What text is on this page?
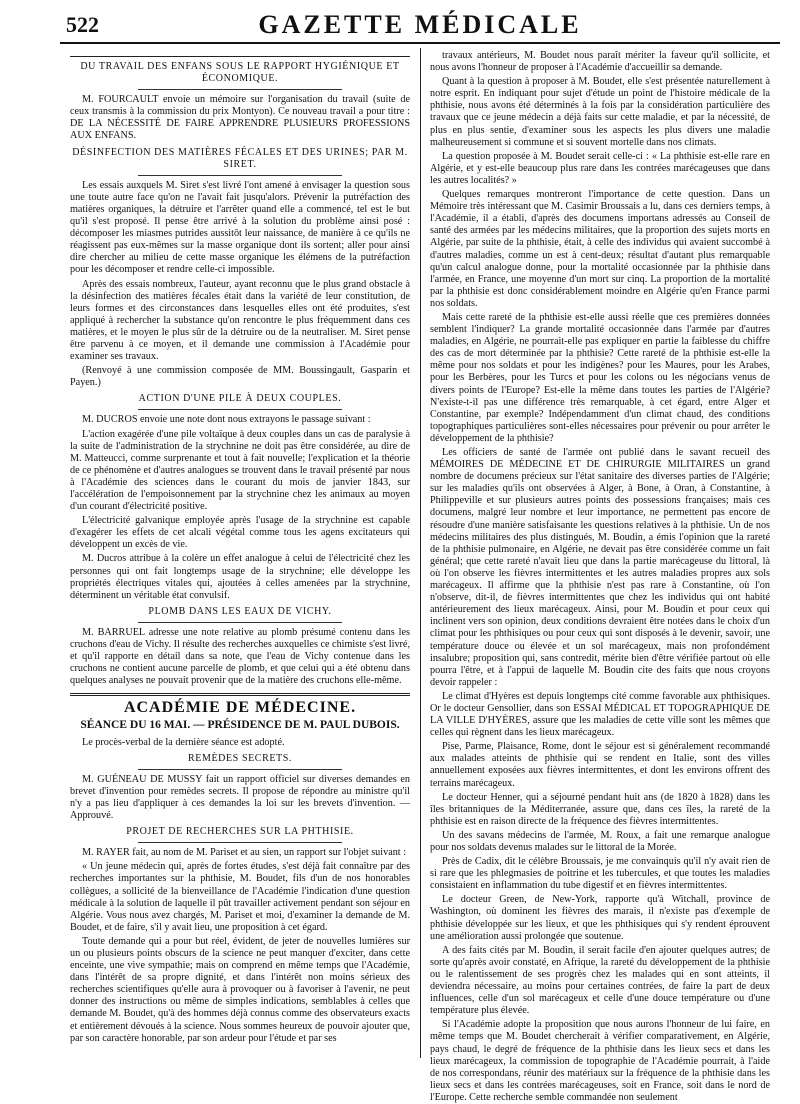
522	GAZETTE MÉDICALE
DU TRAVAIL DES ENFANS SOUS LE RAPPORT HYGIÉNIQUE ET ÉCONOMIQUE.

M. FOURCAULT envoie un mémoire sur l'organisation du travail (suite de ceux transmis à la commission du prix Montyon). Ce nouveau travail a pour titre : DE LA NÉCESSITÉ DE FAIRE APPRENDRE PLUSIEURS PROFESSIONS AUX ENFANS.

DÉSINFECTION DES MATIÈRES FÉCALES ET DES URINES; PAR M. SIRET.

Les essais auxquels M. Siret s'est livré l'ont amené à envisager la question sous une toute autre face qu'on ne l'avait fait jusqu'alors. Prévenir la putréfaction des matières organiques, la détruire et l'arrêter quand elle a commencé, tel est le but qu'il s'est proposé. Il pense être arrivé à la solution du problème ainsi posé : décomposer les miasmes putrides aussitôt leur naissance, de manière à ce qu'ils ne réagissent pas eux-mêmes sur la masse organique dont ils sortent; aller pour ainsi dire chercher au milieu de cette masse organique les élémens de la putréfaction pour les décomposer et rendre celle-ci impossible.

Après des essais nombreux, l'auteur, ayant reconnu que le plus grand obstacle à la désinfection des matières fécales était dans la variété de leur constitution, de leurs formes et des circonstances dans lesquelles elles ont été produites, s'est appliqué à rechercher la substance qu'on rencontre le plus fréquemment dans ces matières, et le moyen le plus sûr de la détruire ou de la neutraliser. M. Siret pense être parvenu à ce moyen, et il demande une commission à l'Académie pour examiner ses travaux.

(Renvoyé à une commission composée de MM. Boussingault, Gasparin et Payen.)

ACTION D'UNE PILE À DEUX COUPLES.

M. DUCROS envoie une note dont nous extrayons le passage suivant :

L'action exagérée d'une pile voltaïque à deux couples dans un cas de paralysie à la suite de l'administration de la strychnine ne doit pas être considérée, au dire de M. Matteucci, comme surprenante et tout à fait nouvelle; l'explication et la théorie de ce phénomène et d'autres analogues se trouvent dans le travail présenté par nous à l'Académie des sciences dans le courant du mois de janvier 1843, sur l'accélération de l'empoisonnement par la strychnine chez les animaux au moyen d'un courant d'électricité positive.

L'électricité galvanique employée après l'usage de la strychnine est capable d'exagérer les effets de cet alcali végétal comme tous les agens excitateurs qui développent un excès de vie.

M. Ducros attribue à la colère un effet analogue à celui de l'électricité chez les personnes qui ont fait longtemps usage de la strychnine; elle développe les propriétés électriques vitales qui, ajoutées à celles amenées par la strychnine, déterminent un véritable état convulsif.

PLOMB DANS LES EAUX DE VICHY.

M. BARRUEL adresse une note relative au plomb présumé contenu dans les cruchons d'eau de Vichy. Il résulte des recherches auxquelles ce chimiste s'est livré, et qu'il rapporte en détail dans sa note, que l'eau de Vichy contenue dans les cruchons ne contient aucune parcelle de plomb, et que celui qui a été obtenu dans quelques analyses ne pouvait provenir que de la matière des cruchons elle-même.

ACADÉMIE DE MÉDECINE.
SÉANCE DU 16 MAI. — PRÉSIDENCE DE M. PAUL DUBOIS.

Le procès-verbal de la dernière séance est adopté.

REMÈDES SECRETS.

M. GUÉNEAU DE MUSSY fait un rapport officiel sur diverses demandes en brevet d'invention pour remèdes secrets. Il propose de répondre au ministre qu'il n'y a pas lieu d'appliquer à ces demandes la loi sur les brevets d'invention. — Approuvé.

PROJET DE RECHERCHES SUR LA PHTHISIE.

M. RAYER fait, au nom de M. Pariset et au sien, un rapport sur l'objet suivant :

« Un jeune médecin qui, après de fortes études, s'est déjà fait connaître par des recherches importantes sur la phthisie, M. Boudet, fils d'un de nos honorables collègues, a sollicité de la bienveillance de l'Académie l'indication d'une question médicale à la solution de laquelle il pût travailler activement pendant son séjour en Algérie. Vous nous avez chargés, M. Pariset et moi, d'examiner la demande de M. Boudet, et de faire, s'il y avait lieu, une proposition à cet égard.

Toute demande qui a pour but réel, évident, de jeter de nouvelles lumières sur un ou plusieurs points obscurs de la science ne peut manquer d'exciter, dans cette enceinte, une vive sympathie; mais on comprend en même temps que l'Académie, dans l'intérêt de sa propre dignité, et dans l'intérêt non moins sérieux des recherches scientifiques qu'elle aura à provoquer ou à favoriser à l'avenir, ne peut donner des instructions ou même de simples indications, semblables à celles que demande M. Boudet, qu'à des hommes déjà connus comme des observateurs exacts et entièrement dévoués à la science. Nous sommes heureux de pouvoir ajouter que, par son caractère honorable, par son ardeur pour l'étude et par ses

travaux antérieurs, M. Boudet nous paraît mériter la faveur qu'il sollicite, et nous avons l'honneur de proposer à l'Académie d'accueillir sa demande.

Quant à la question à proposer à M. Boudet, elle s'est présentée naturellement à notre esprit. En indiquant pour sujet d'étude un point de l'histoire médicale de la phthisie, nous avons été déterminés à la fois par la considération particulière des travaux que ce jeune médecin a déjà faits sur cette maladie, et par la nécessité, de plus en plus sentie, d'examiner sous les aspects les plus divers une maladie malheureusement si commune et si souvent mortelle dans nos climats.

La question proposée à M. Boudet serait celle-ci : « La phthisie est-elle rare en Algérie, et y est-elle beaucoup plus rare dans les contrées marécageuses que dans les autres localités? »

Quelques remarques montreront l'importance de cette question. Dans un Mémoire très intéressant que M. Casimir Broussais a lu, dans ces derniers temps, à l'Académie, il a établi, d'après des documens importans adressés au Conseil de santé des armées par les médecins militaires, que la proportion des sujets morts en Algérie, par suite de la phthisie, était, à celle des individus qui avaient succombé à d'autres maladies, comme un est à cent-deux; résultat d'autant plus remarquable qu'un calcul analogue donne, pour la mortalité occasionnée par la phthisie dans l'armée, en France, une moyenne d'un mort sur cinq. La proportion de la mortalité par la phthisie est donc considérablement moindre en Algérie qu'en France parmi nos soldats.

Mais cette rareté de la phthisie est-elle aussi réelle que ces premières données semblent l'indiquer? La grande mortalité occasionnée dans l'armée par d'autres maladies, en Algérie, ne pourrait-elle pas expliquer en partie la faiblesse du chiffre des cas de mort déterminée par la phthisie? Cette rareté de la phthisie est-elle la même pour nos soldats et pour les indigènes? pour les Maures, pour les Arabes, pour les Berbères, pour les Turcs et pour les colons ou les négocians venus de divers points de l'Europe? Est-elle la même dans toutes les parties de l'Algérie? N'existe-t-il pas une différence très remarquable, à cet égard, entre Alger et Constantine, par exemple? Indépendamment d'un climat chaud, des conditions topographiques particulières sont-elles nécessaires pour prévenir ou pour arrêter le développement de la phthisie?

Les officiers de santé de l'armée ont publié dans le savant recueil des MÉMOIRES DE MÉDECINE ET DE CHIRURGIE MILITAIRES un grand nombre de documens précieux sur l'état sanitaire des diverses parties de l'Algérie; sur les maladies qu'ils ont observées à Alger, à Bone, à Oran, à Constantine, à Philippeville et sur plusieurs autres points des possessions françaises; mais ces documens, malgré leur nombre et leur importance, ne permettent pas encore de résoudre d'une manière satisfaisante les questions relatives à la phthisie. Un de nos médecins militaires des plus distingués, M. Boudin, a émis l'opinion que la rareté de la phthisie pulmonaire, en Algérie, ne devait pas être considérée comme un fait général; que cette rareté n'avait lieu que dans la partie marécageuse du littoral, là où l'on observe les fièvres intermittentes et les autres maladies propres aux sols marécageux. Il affirme que la phthisie n'est pas rare à Constantine, où l'on n'observe, dit-il, de fièvres intermittentes que chez les individus qui ont habité antérieurement des lieux marécageux. Ainsi, pour M. Boudin et pour ceux qui inclinent vers son opinion, deux conditions devraient être notées dans le choix d'un climat pour les phthisiques ou pour ceux qui sont disposés à le devenir, savoir, une température douce ou élevée et un sol marécageux, mais non profondément insalubre; proposition qui, sans contredit, mérite bien d'être vérifiée partout où elle pourra l'être, et à l'appui de laquelle M. Boudin cite des faits que nous croyons devoir rappeler :

Le climat d'Hyères est depuis longtemps cité comme favorable aux phthisiques. Or le docteur Gensollier, dans son ESSAI MÉDICAL ET TOPOGRAPHIQUE DE LA VILLE D'HYÈRES, assure que les maladies de cette ville sont les mêmes que celles qui règnent dans les lieux marécageux.

Pise, Parme, Plaisance, Rome, dont le séjour est si généralement recommandé aux malades atteints de phthisie qui se rendent en Italie, sont des villes annuellement exposées aux fièvres intermittentes, et dont les environs offrent des terrains marécageux.

Le docteur Henner, qui a séjourné pendant huit ans (de 1820 à 1828) dans les îles britanniques de la Méditerranée, assure que, dans ces îles, la rareté de la phthisie est en raison directe de la fréquence des fièvres intermittentes.

Un des savans médecins de l'armée, M. Roux, a fait une remarque analogue pour nos soldats devenus malades sur le littoral de la Morée.

Près de Cadix, dit le célèbre Broussais, je me convainquis qu'il n'y avait rien de si rare que les phlegmasies de poitrine et les tubercules, et que toutes les maladies consistaient en inflammation du tube digestif et en fièvres intermittentes.

Le docteur Green, de New-York, rapporte qu'à Witchall, province de Washington, où dominent les fièvres des marais, il n'existe pas d'exemple de phthisie développée sur les lieux, et que les phthisiques qui s'y rendent éprouvent une amélioration aussi prolongée que soutenue.

A des faits cités par M. Boudin, il serait facile d'en ajouter quelques autres; de sorte qu'après avoir constaté, en Afrique, la rareté du développement de la phthisie ou le ralentissement de ses progrès chez les malades qui en sont atteints, il deviendra nécessaire, au moins pour certaines contrées, de faire la part de deux influences, celle d'un sol marécageux et celle d'une douce température ou d'une température plus élevée.

Si l'Académie adopte la proposition que nous aurons l'honneur de lui faire, en même temps que M. Boudet chercherait à vérifier comparativement, en Algérie, pays chaud, le degré de fréquence de la phthisie dans les lieux secs et dans les lieux marécageux, la commission de topographie de l'Académie pourrait, à l'aide de nos correspondans, réunir des matériaux sur la fréquence de la phthisie dans les lieux secs et dans les contrées marécageuses, soit en France, soit dans le nord de l'Europe. Cette recherche semble commandée non seulement
